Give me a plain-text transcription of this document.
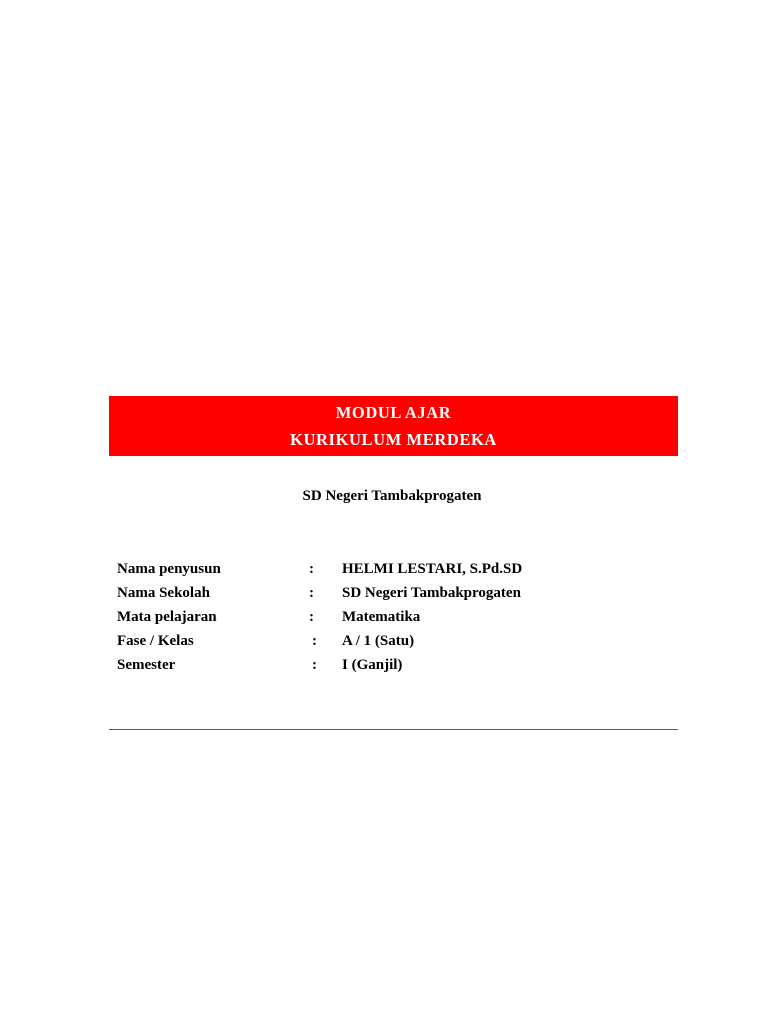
MODUL AJAR
KURIKULUM MERDEKA
SD Negeri Tambakprogaten
Nama penyusun	: HELMI LESTARI, S.Pd.SD
Nama Sekolah	: SD Negeri Tambakprogaten
Mata pelajaran	: Matematika
Fase / Kelas	: A / 1 (Satu)
Semester	: I (Ganjil)
